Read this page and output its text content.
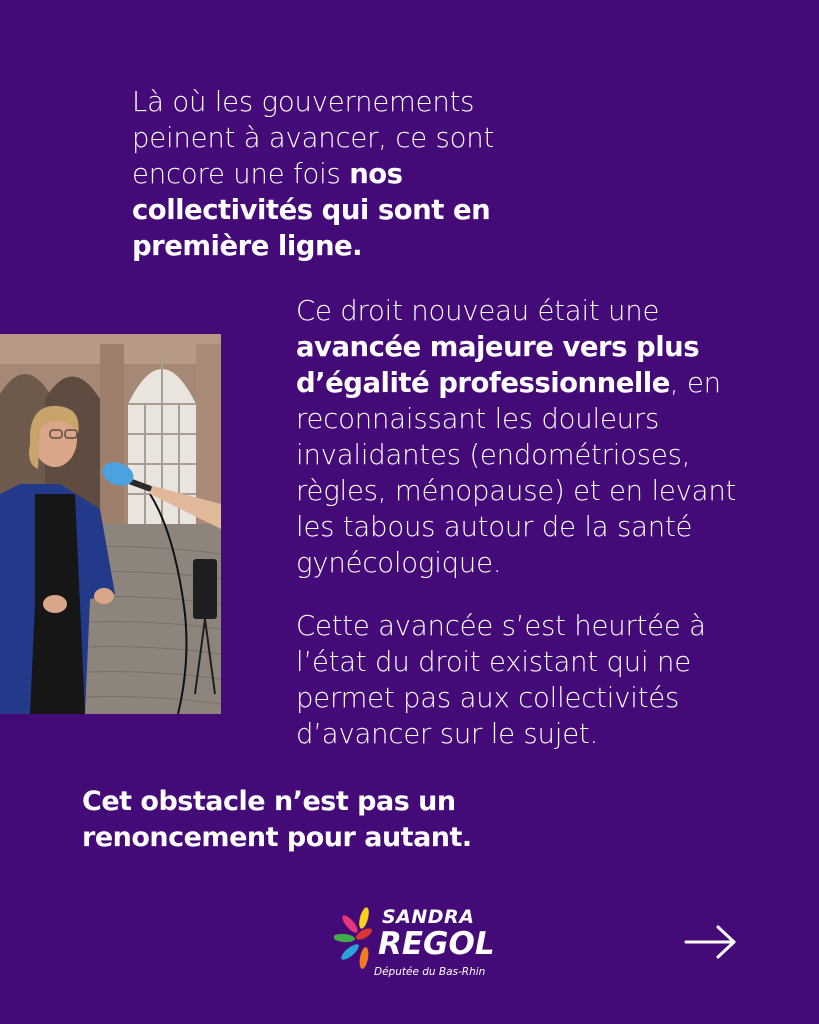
Là où les gouvernements peinent à avancer, ce sont encore une fois nos collectivités qui sont en première ligne.

Ce droit nouveau était une avancée majeure vers plus d’égalité professionnelle, en reconnaissant les douleurs invalidantes (endométrioses, règles, ménopause) et en levant les tabous autour de la santé gynécologique.

Cette avancée s’est heurtée à l’état du droit existant qui ne permet pas aux collectivités d’avancer sur le sujet.

Cet obstacle n’est pas un renoncement pour autant.

SANDRA
REGOL
Députée du Bas-Rhin
